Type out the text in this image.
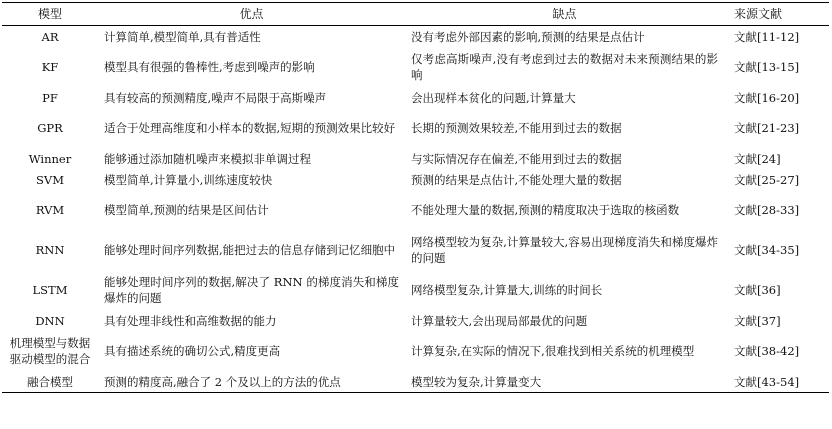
模型	优点	缺点	来源文献
AR	计算简单,模型简单,具有普适性	没有考虑外部因素的影响,预测的结果是点估计	文献[11-12]
KF	模型具有很强的鲁棒性,考虑到噪声的影响	仅考虑高斯噪声,没有考虑到过去的数据对未来预测结果的影响	文献[13-15]
PF	具有较高的预测精度,噪声不局限于高斯噪声	会出现样本贫化的问题,计算量大	文献[16-20]
GPR	适合于处理高维度和小样本的数据,短期的预测效果比较好	长期的预测效果较差,不能用到过去的数据	文献[21-23]
Winner	能够通过添加随机噪声来模拟非单调过程	与实际情况存在偏差,不能用到过去的数据	文献[24]
SVM	模型简单,计算量小,训练速度较快	预测的结果是点估计,不能处理大量的数据	文献[25-27]
RVM	模型简单,预测的结果是区间估计	不能处理大量的数据,预测的精度取决于选取的核函数	文献[28-33]
RNN	能够处理时间序列数据,能把过去的信息存储到记忆细胞中	网络模型较为复杂,计算量较大,容易出现梯度消失和梯度爆炸的问题	文献[34-35]
LSTM	能够处理时间序列的数据,解决了 RNN 的梯度消失和梯度爆炸的问题	网络模型复杂,计算量大,训练的时间长	文献[36]
DNN	具有处理非线性和高维数据的能力	计算量较大,会出现局部最优的问题	文献[37]
机理模型与数据驱动模型的混合	具有描述系统的确切公式,精度更高	计算复杂,在实际的情况下,很难找到相关系统的机理模型	文献[38-42]
融合模型	预测的精度高,融合了 2 个及以上的方法的优点	模型较为复杂,计算量变大	文献[43-54]
